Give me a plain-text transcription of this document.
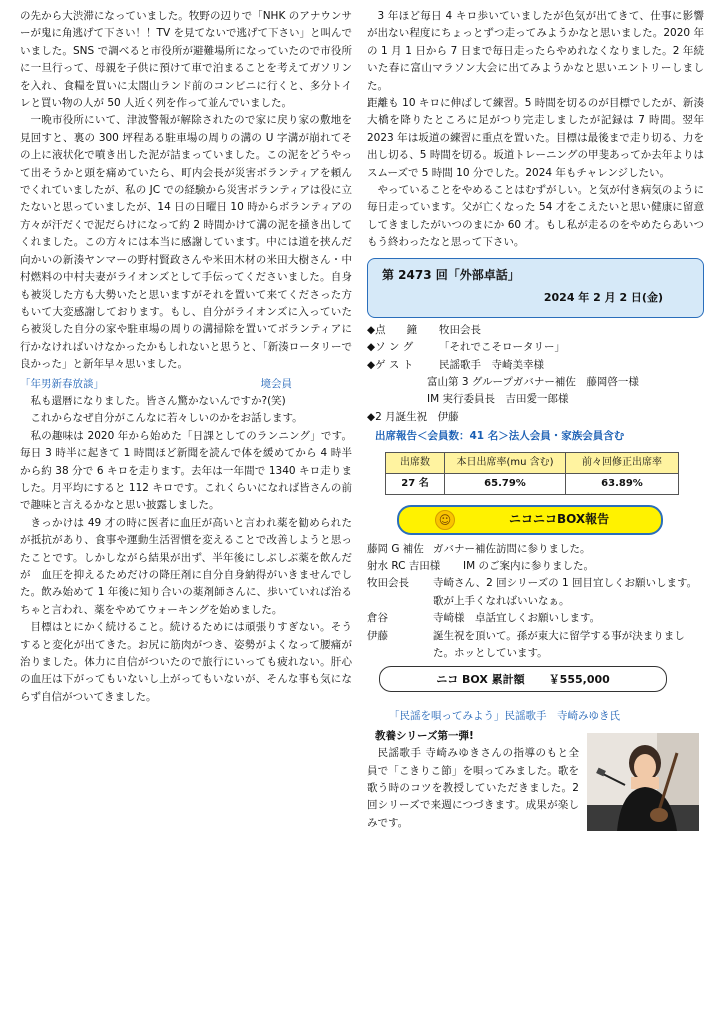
の先から大渋滞になっていました。牧野の辺りで「NHK のアナウンサーが鬼に角逃げて下さい！！TV を見てないで逃げて下さい」と叫んでいました。SNS で調べると市役所が避難場所になっていたので市役所に一旦行って、母親を子供に預けて車で泊まることを考えてガソリンを入れ、食糧を買いに太閤山ランド前のコンビニに行くと、多分トイレと買い物の人が 50 人近く列を作って並んでいました。

一晩市役所にいて、津波警報が解除されたので家に戻り家の敷地を見回すと、裏の 300 坪程ある駐車場の周りの溝の U 字溝が崩れてその上に液状化で噴き出した泥が詰まっていました。この泥をどうやって出そうかと頭を痛めていたら、町内会長が災害ボランティアを頼んでくれていましたが、私の JC での経験から災害ボランティアは役に立たないと思っていましたが、14 日の日曜日 10 時からボランティアの方々が汗だくで泥だらけになって約 2 時間かけて溝の泥を掻き出してくれました。この方々には本当に感謝しています。中には道を挟んだ向かいの新湊ヤンマーの野村賢政さんや米田木材の米田大樹さん・中村燃料の中村夫妻がライオンズとして手伝ってくださいました。自身も被災した方も大勢いたと思いますがそれを置いて来てくださった方もいて大変感謝しております。もし、自分がライオンズに入っていたら被災した自分の家や駐車場の周りの溝掃除を置いてボランティアに行かなければいけなかったかもしれないと思うと、「新湊ロータリーで良かった」と新年早々思いました。

「年男新春放談」	境会員

私も還暦になりました。皆さん驚かないんですか?(笑)

これからなぜ自分がこんなに若々しいのかをお話します。

私の趣味は 2020 年から始めた「日課としてのランニング」です。毎日 3 時半に起きて 1 時間ほど新聞を読んで体を緩めてから 4 時半から約 38 分で 6 キロを走ります。去年は一年間で 1340 キロ走りました。月平均にすると 112 キロです。これくらいになれば皆さんの前で趣味と言えるかなと思い披露しました。

きっかけは 49 才の時に医者に血圧が高いと言われ薬を勧められたが抵抗があり、食事や運動生活習慣を変えることで改善しようと思ったことです。しかしながら結果が出ず、半年後にしぶしぶ薬を飲んだが　血圧を抑えるためだけの降圧剤に自分自身納得がいきませんでした。飲み始めて 1 年後に知り合いの薬剤師さんに、歩いていれば治るちゃと言われ、薬をやめてウォーキングを始めました。

目標はとにかく続けること。続けるためには頑張りすぎない。そうすると変化が出てきた。お尻に筋肉がつき、姿勢がよくなって腰痛が治りました。体力に自信がついたので旅行にいっても疲れない。肝心の血圧は下がってもいないし上がってもいないが、そんな事も気にならず自信がついてきました。

3 年ほど毎日 4 キロ歩いていましたが色気が出てきて、仕事に影響が出ない程度にちょっとずつ走ってみようかなと思いました。2020 年の 1 月 1 日から 7 日まで毎日走ったらやめれなくなりました。2 年続いた春に富山マラソン大会に出てみようかなと思いエントリーしました。

距離も 10 キロに伸ばして練習。5 時間を切るのが目標でしたが、新湊大橋を降りたところに足がつり完走しましたが記録は 7 時間。翌年 2023 年は坂道の練習に重点を置いた。目標は最後まで走り切る、力を出し切る、5 時間を切る。坂道トレーニングの甲斐あってか去年よりはスムーズで 5 時間 10 分でした。2024 年もチャレンジしたい。

やっていることをやめることはむずがしい。と気が付き病気のように毎日走っています。父が亡くなった 54 才をこえたいと思い健康に留意してきましたがいつのまにか 60 才。もし私が走るのをやめたらあいつもう終わったなと思って下さい。

第 2473 回「外部卓話」
2024 年 2 月 2 日(金)
◆点　　鐘	牧田会長
◆ソ ン グ	「それでこそロータリー」
◆ゲ ス ト	民謡歌手　寺崎美幸様
富山第 3 グループガバナー補佐　藤岡啓一様
IM 実行委員長　吉田愛一郎様
◆2 月誕生祝　伊藤
出席報告＜会員数：41 名＞法人会員・家族会員含む
出席数	本日出席率(mu 含む)	前々回修正出席率
27 名	65.79%	63.89%
☺	ニコニコBOX報告
藤岡 G 補佐 ガバナー補佐訪問に参りました。
射水 RC 吉田様	IM のご案内に参りました。
牧田会長	寺崎さん、2 回シリーズの 1 回目宜しくお願いします。歌が上手くなればいいなぁ。
倉谷	寺崎様　卓話宜しくお願いします。
伊藤	誕生祝を頂いて。孫が東大に留学する事が決まりました。ホッとしています。
ニコ BOX 累計額 ￥555,000
「民謡を唄ってみよう」民謡歌手　寺崎みゆき氏
教養シリーズ第一弾!

民謡歌手 寺崎みゆきさんの指導のもと全員で「こきりこ節」を唄ってみました。歌を歌う時のコツを教授していただきました。2 回シリーズで来週につづきます。成果が楽しみです。
